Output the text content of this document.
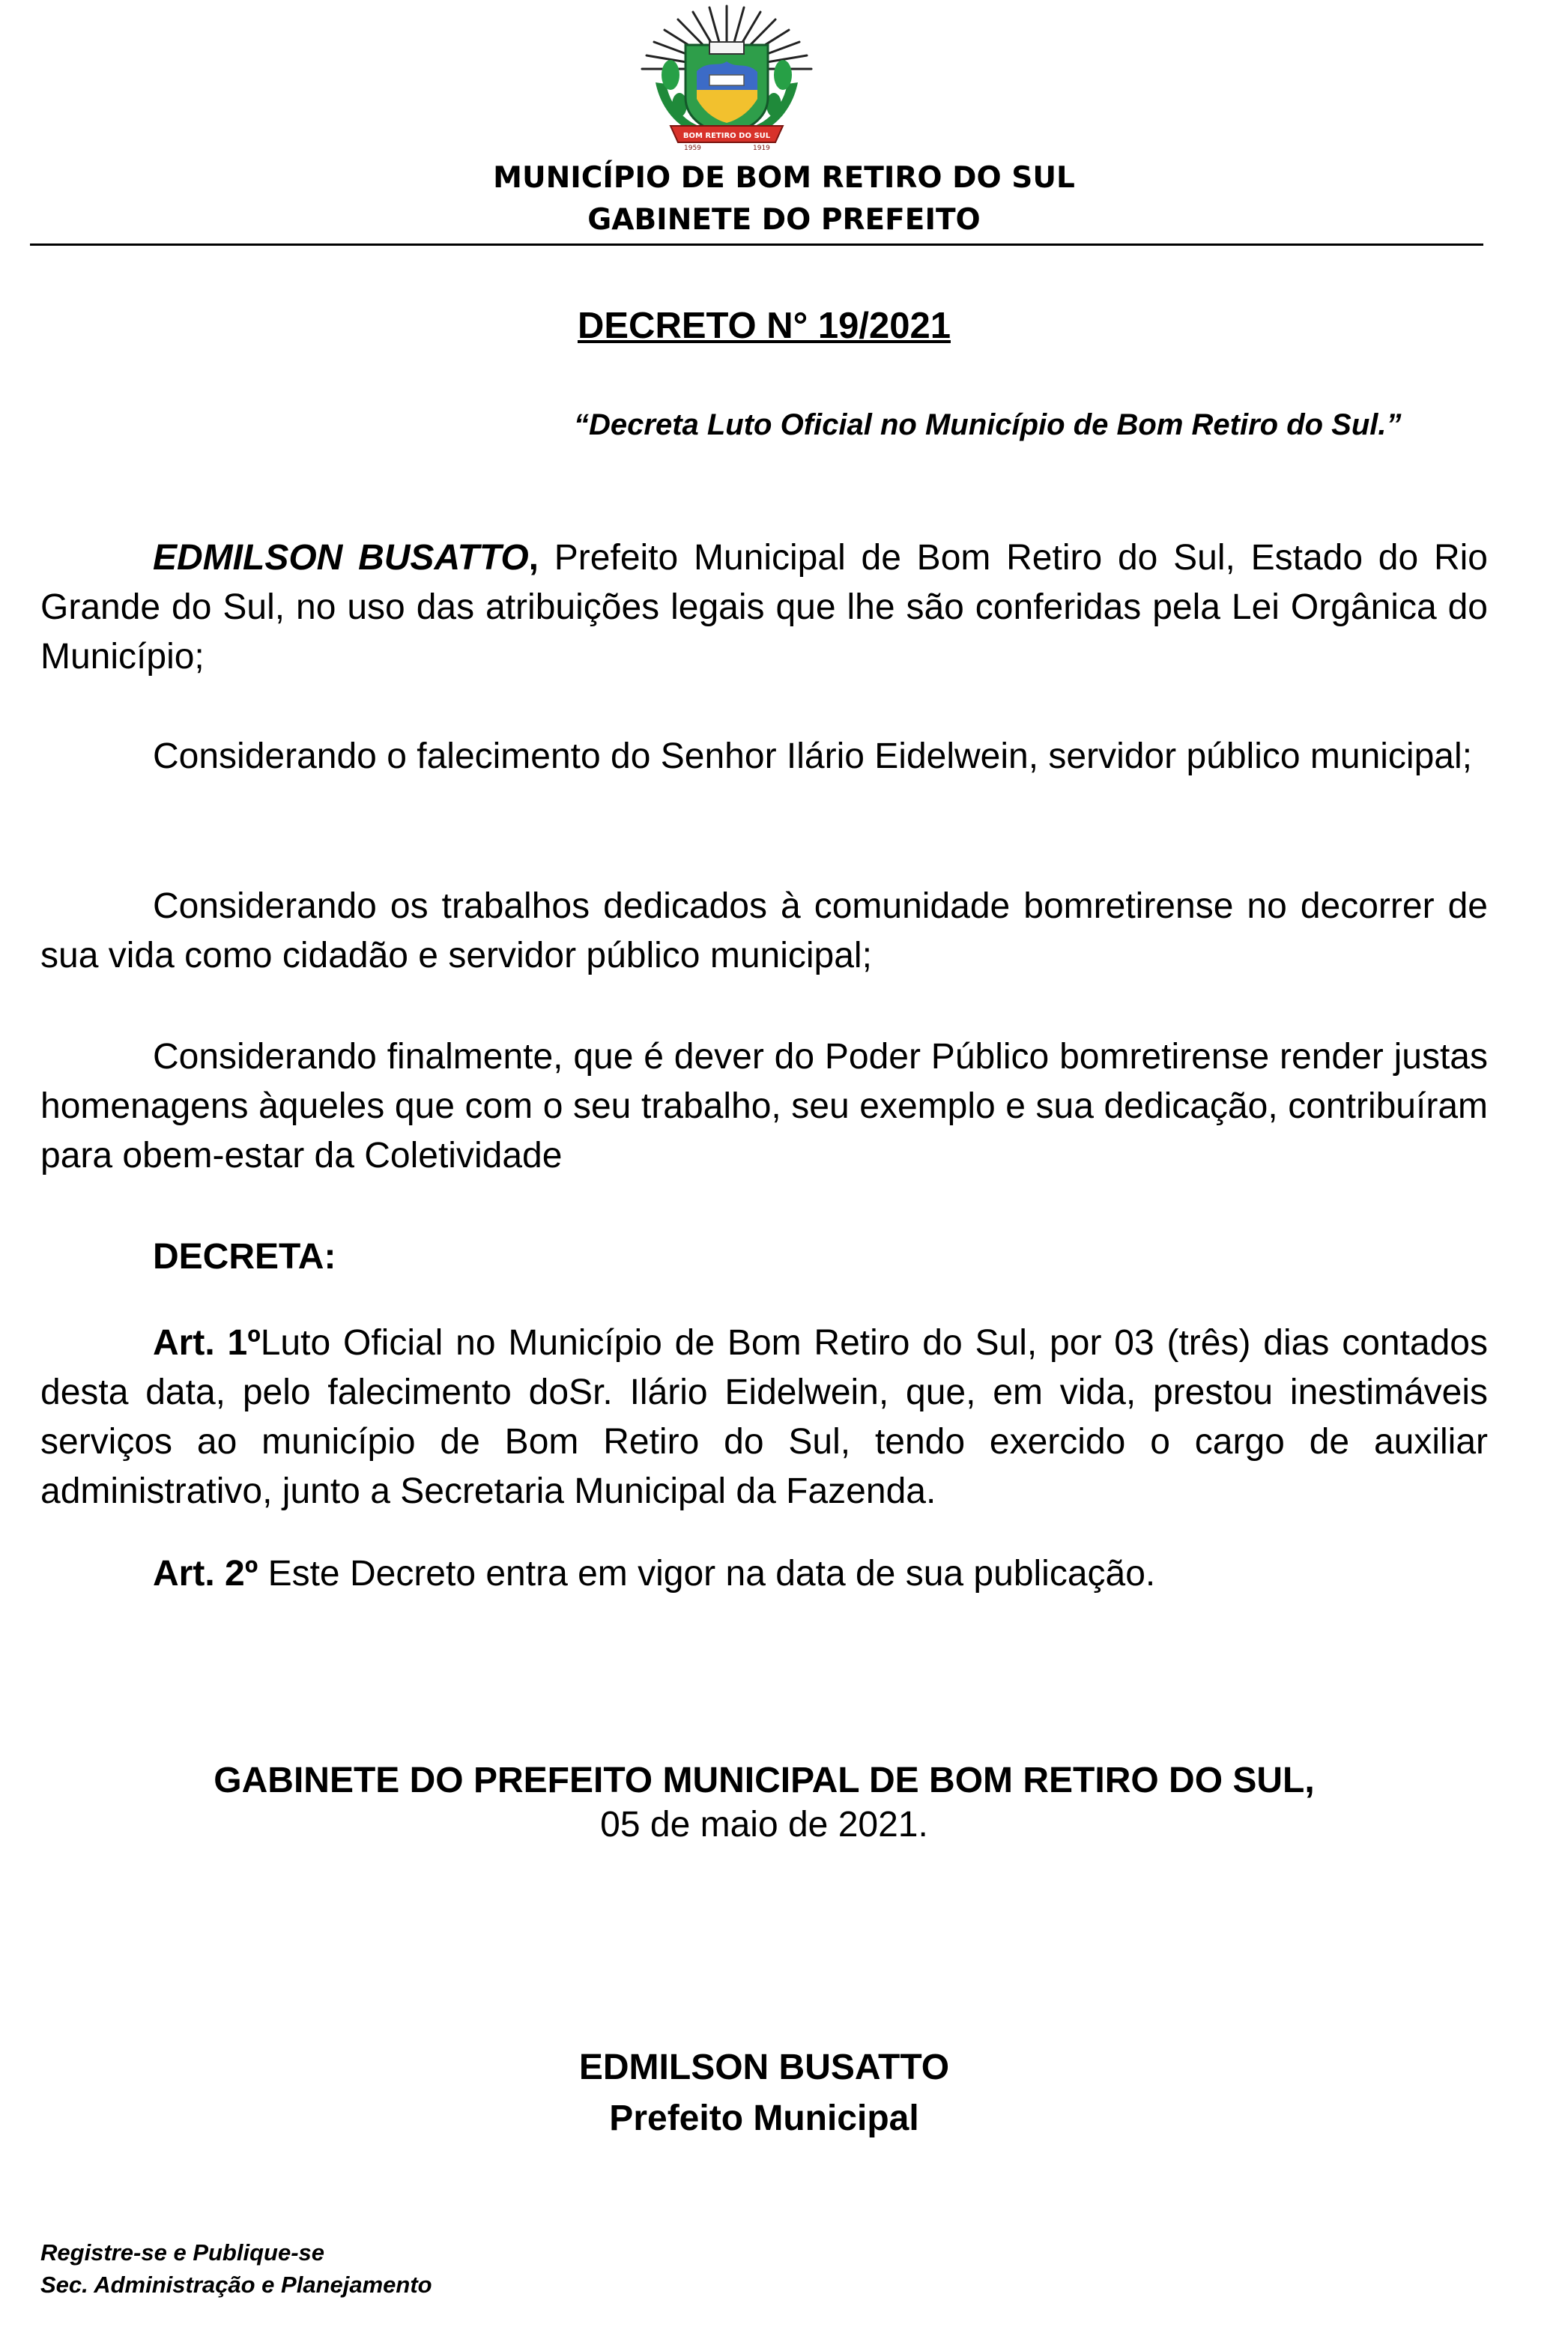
BOM RETIRO DO SUL
1959	1919
MUNICÍPIO DE BOM RETIRO DO SUL
GABINETE DO PREFEITO
DECRETO N° 19/2021
“Decreta Luto Oficial no Município de Bom Retiro do Sul.”
EDMILSON BUSATTO, Prefeito Municipal de Bom Retiro do Sul, Estado do Rio Grande do Sul, no uso das atribuições legais que lhe são conferidas pela Lei Orgânica do Município;
Considerando o falecimento do Senhor Ilário Eidelwein, servidor público municipal;
Considerando os trabalhos dedicados à comunidade bomretirense no decorrer de sua vida como cidadão e servidor público municipal;
Considerando finalmente, que é dever do Poder Público bomretirense render justas homenagens àqueles que com o seu trabalho, seu exemplo e sua dedicação, contribuíram para obem-estar da Coletividade
DECRETA:
Art. 1ºLuto Oficial no Município de Bom Retiro do Sul, por 03 (três) dias contados desta data, pelo falecimento doSr. Ilário Eidelwein, que, em vida, prestou inestimáveis serviços ao município de Bom Retiro do Sul, tendo exercido o cargo de auxiliar administrativo, junto a Secretaria Municipal da Fazenda.
Art. 2º Este Decreto entra em vigor na data de sua publicação.
GABINETE DO PREFEITO MUNICIPAL DE BOM RETIRO DO SUL,
05 de maio de 2021.
EDMILSON BUSATTO
Prefeito Municipal
Registre-se e Publique-se
Sec. Administração e Planejamento
